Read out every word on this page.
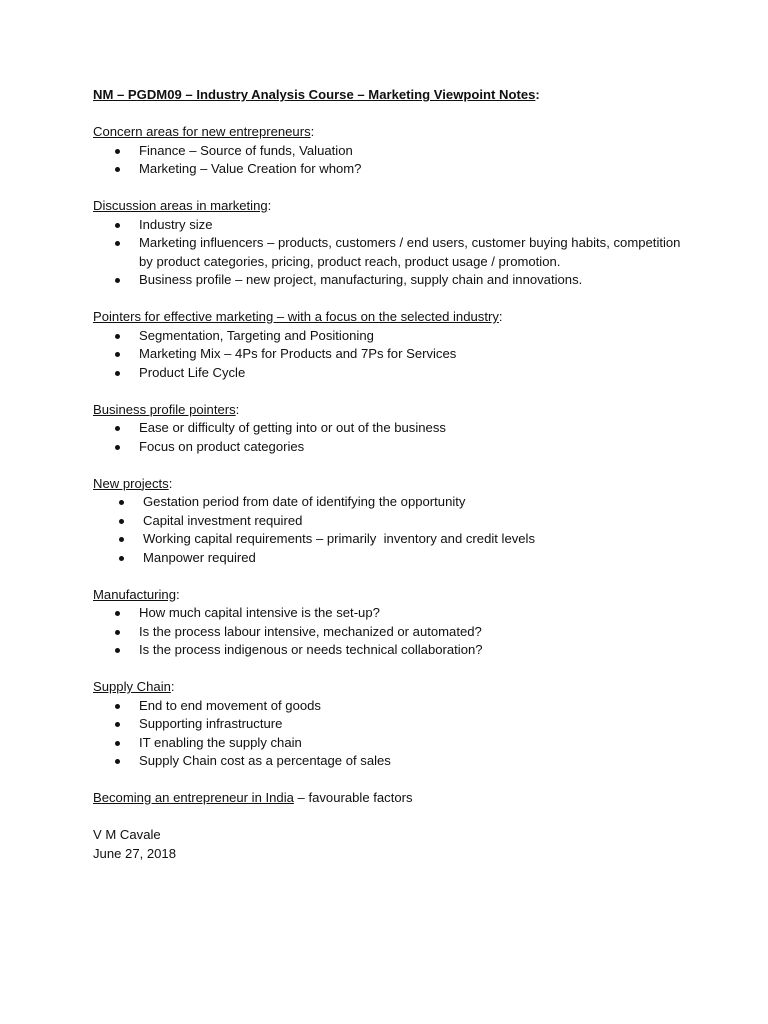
NM – PGDM09 – Industry Analysis Course – Marketing Viewpoint Notes:

Concern areas for new entrepreneurs:

Finance – Source of funds, Valuation
Marketing – Value Creation for whom?

Discussion areas in marketing:

Industry size
Marketing influencers – products, customers / end users, customer buying habits, competition by product categories, pricing, product reach, product usage / promotion.
Business profile – new project, manufacturing, supply chain and innovations.

Pointers for effective marketing – with a focus on the selected industry:

Segmentation, Targeting and Positioning
Marketing Mix – 4Ps for Products and 7Ps for Services
Product Life Cycle

Business profile pointers:

Ease or difficulty of getting into or out of the business
Focus on product categories

New projects:

Gestation period from date of identifying the opportunity
Capital investment required
Working capital requirements – primarily  inventory and credit levels
Manpower required

Manufacturing:

How much capital intensive is the set-up?
Is the process labour intensive, mechanized or automated?
Is the process indigenous or needs technical collaboration?

Supply Chain:

End to end movement of goods
Supporting infrastructure
IT enabling the supply chain
Supply Chain cost as a percentage of sales

Becoming an entrepreneur in India – favourable factors

V M Cavale

June 27, 2018
